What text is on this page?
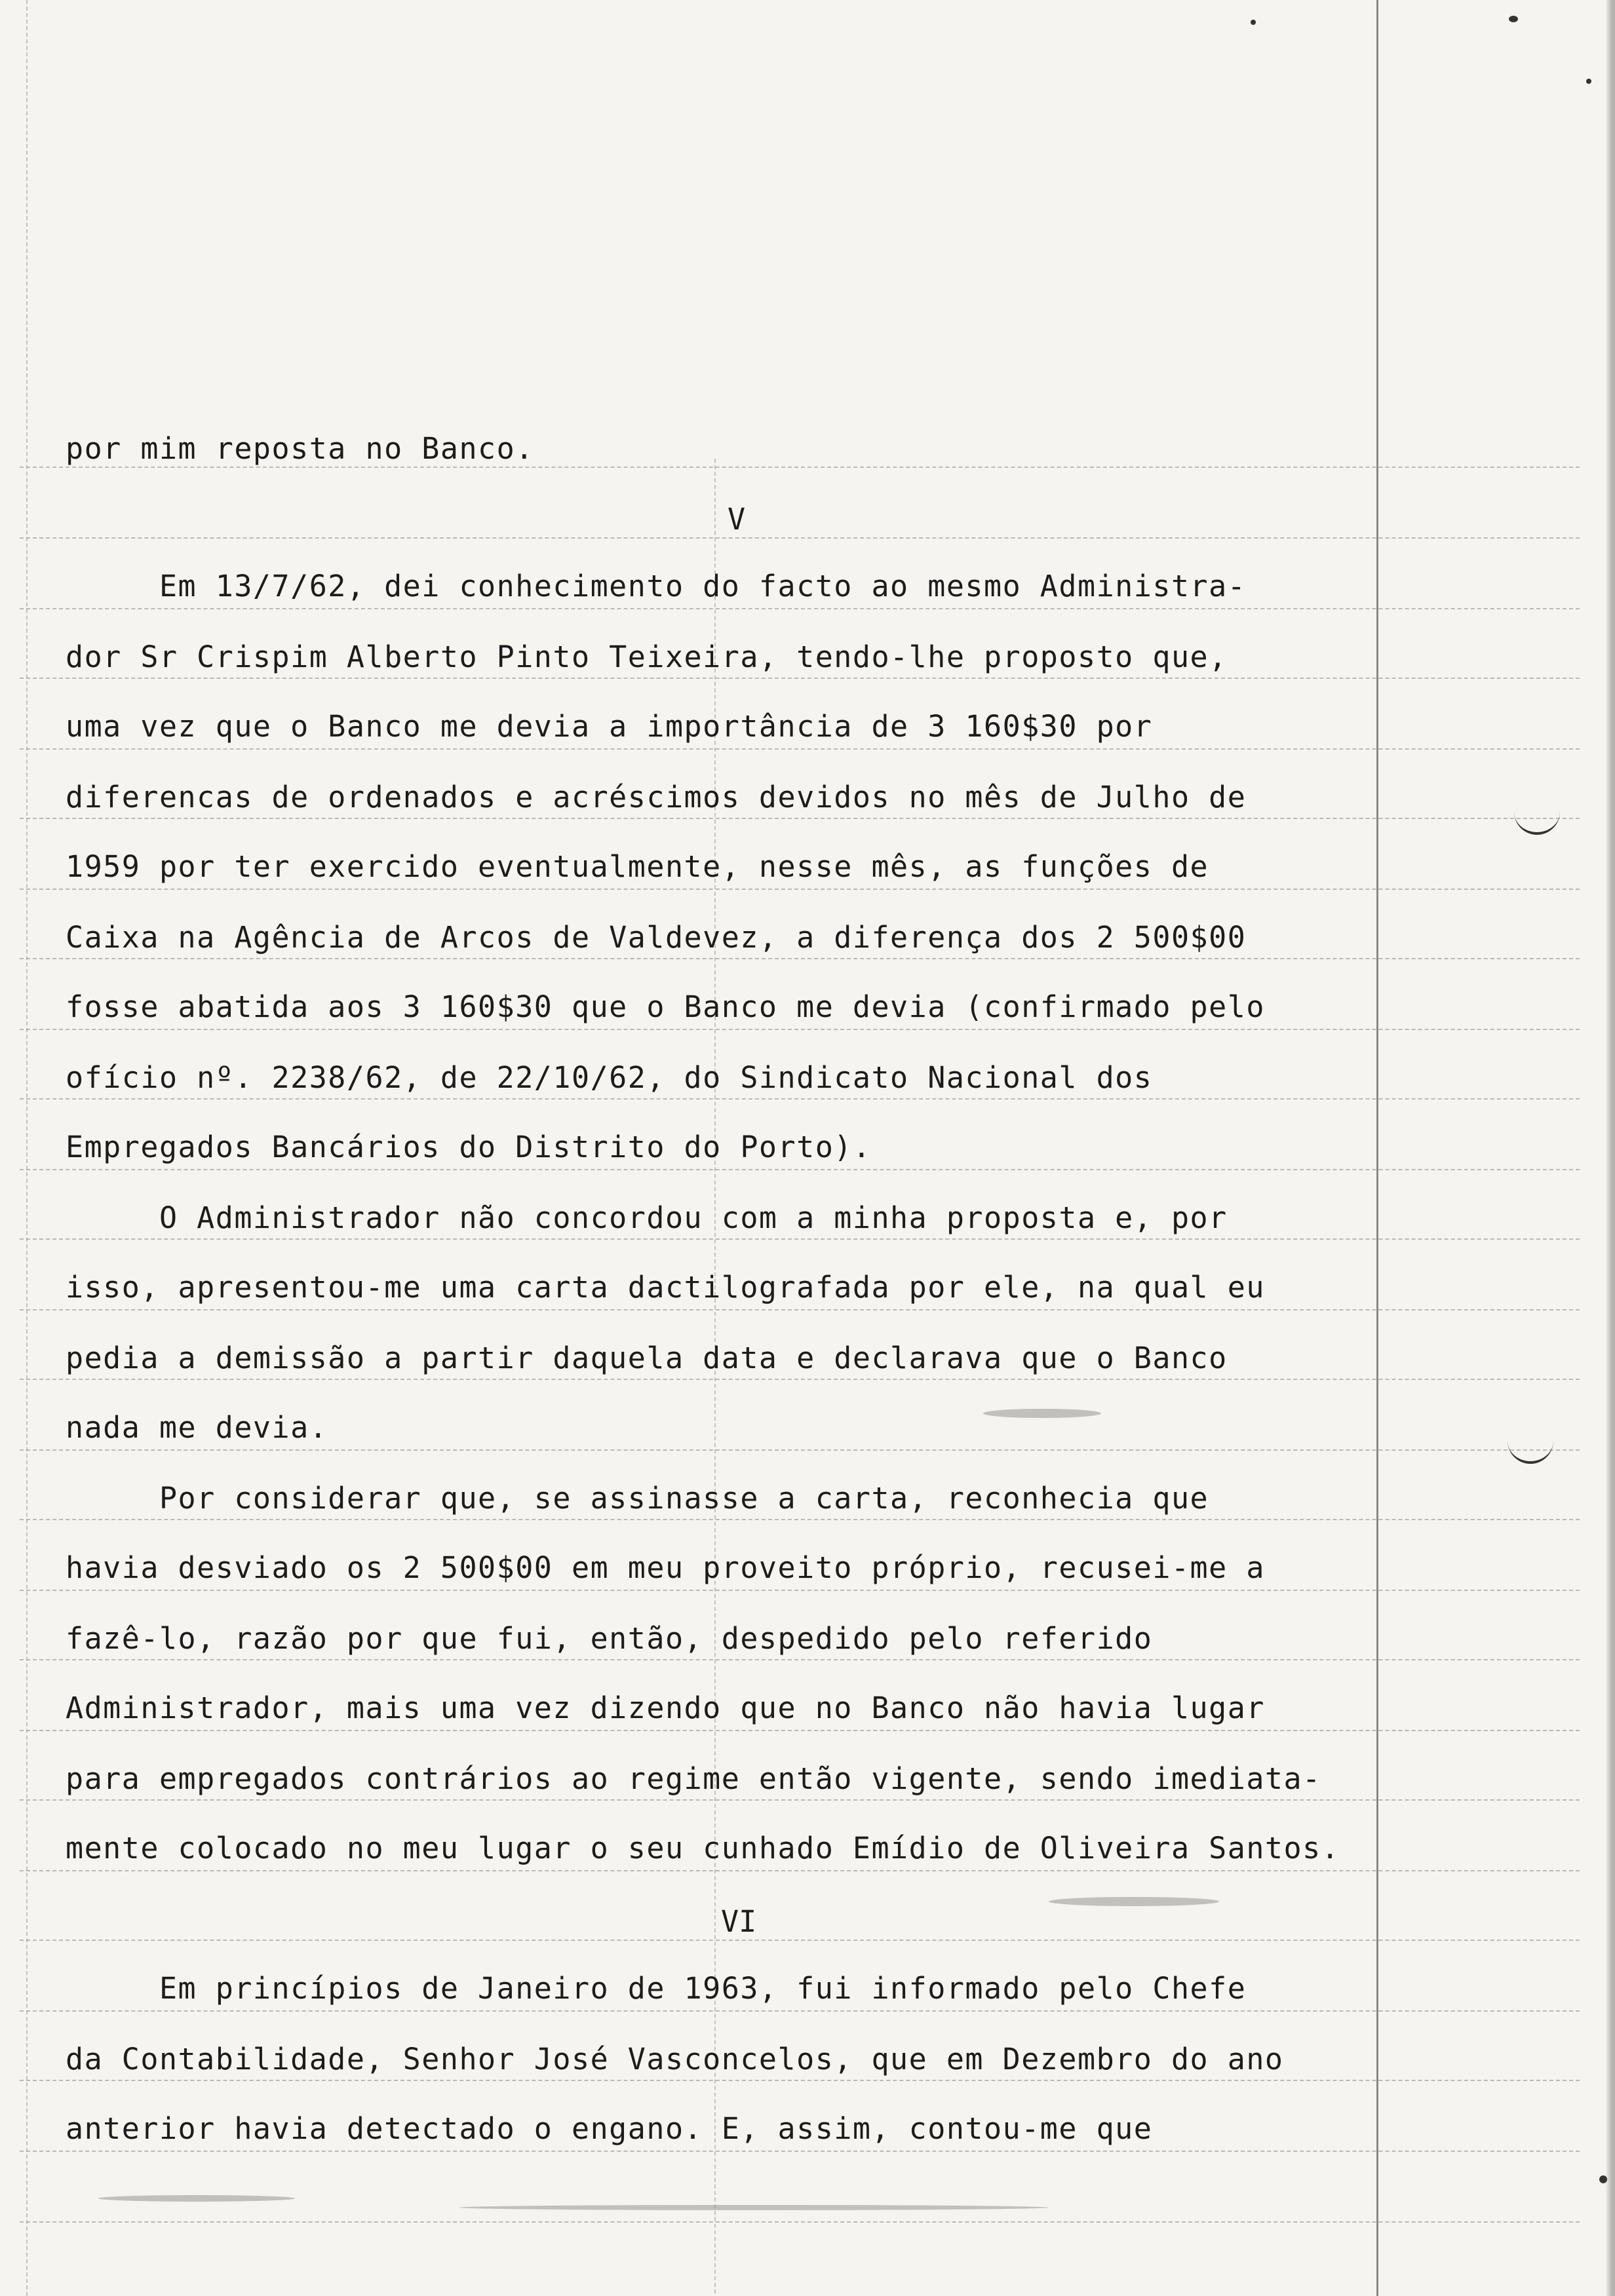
por mim reposta no Banco.

V

Em 13/7/62, dei conhecimento do facto ao mesmo Administra-

dor Sr Crispim Alberto Pinto Teixeira, tendo-lhe proposto que,

uma vez que o Banco me devia a importância de 3 160$30 por

diferencas de ordenados e acréscimos devidos no mês de Julho de

1959 por ter exercido eventualmente, nesse mês, as funções de

Caixa na Agência de Arcos de Valdevez, a diferença dos 2 500$00

fosse abatida aos 3 160$30 que o Banco me devia (confirmado pelo

ofício nº. 2238/62, de 22/10/62, do Sindicato Nacional dos

Empregados Bancários do Distrito do Porto).

O Administrador não concordou com a minha proposta e, por

isso, apresentou-me uma carta dactilografada por ele, na qual eu

pedia a demissão a partir daquela data e declarava que o Banco

nada me devia.

Por considerar que, se assinasse a carta, reconhecia que

havia desviado os 2 500$00 em meu proveito próprio, recusei-me a

fazê-lo, razão por que fui, então, despedido pelo referido

Administrador, mais uma vez dizendo que no Banco não havia lugar

para empregados contrários ao regime então vigente, sendo imediata-

mente colocado no meu lugar o seu cunhado Emídio de Oliveira Santos.

VI

Em princípios de Janeiro de 1963, fui informado pelo Chefe

da Contabilidade, Senhor José Vasconcelos, que em Dezembro do ano

anterior havia detectado o engano. E, assim, contou-me que
